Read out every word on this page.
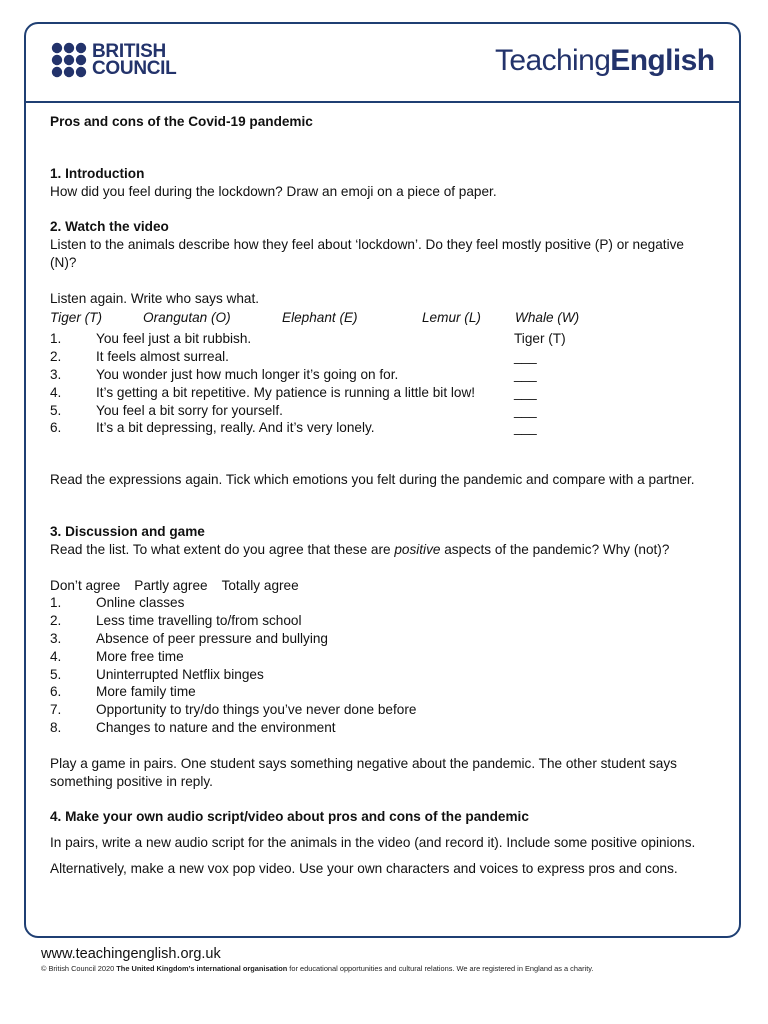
BRITISH
COUNCIL	TeachingEnglish

Pros and cons of the Covid-19 pandemic

1. Introduction

How did you feel during the lockdown? Draw an emoji on a piece of paper.

2. Watch the video

Listen to the animals describe how they feel about ‘lockdown’. Do they feel mostly positive (P) or negative (N)?

Listen again. Write who says what.

Tiger (T)	Orangutan (O)	Elephant (E)	Lemur (L)	Whale (W)
1.	You feel just a bit rubbish.	Tiger (T)
2.	It feels almost surreal.	___
3.	You wonder just how much longer it’s going on for.	___
4.	It’s getting a bit repetitive. My patience is running a little bit low!	___
5.	You feel a bit sorry for yourself.	___
6.	It’s a bit depressing, really. And it’s very lonely.	___

Read the expressions again. Tick which emotions you felt during the pandemic and compare with a partner.

3. Discussion and game

Read the list. To what extent do you agree that these are positive aspects of the pandemic? Why (not)?

Don’t agree Partly agree Totally agree
1.	Online classes
2.	Less time travelling to/from school
3.	Absence of peer pressure and bullying
4.	More free time
5.	Uninterrupted Netflix binges
6.	More family time
7.	Opportunity to try/do things you’ve never done before
8.	Changes to nature and the environment

Play a game in pairs. One student says something negative about the pandemic. The other student says something positive in reply.

4. Make your own audio script/video about pros and cons of the pandemic

In pairs, write a new audio script for the animals in the video (and record it). Include some positive opinions.

Alternatively, make a new vox pop video. Use your own characters and voices to express pros and cons.

www.teachingenglish.org.uk
© British Council 2020 The United Kingdom’s international organisation for educational opportunities and cultural relations. We are registered in England as a charity.
